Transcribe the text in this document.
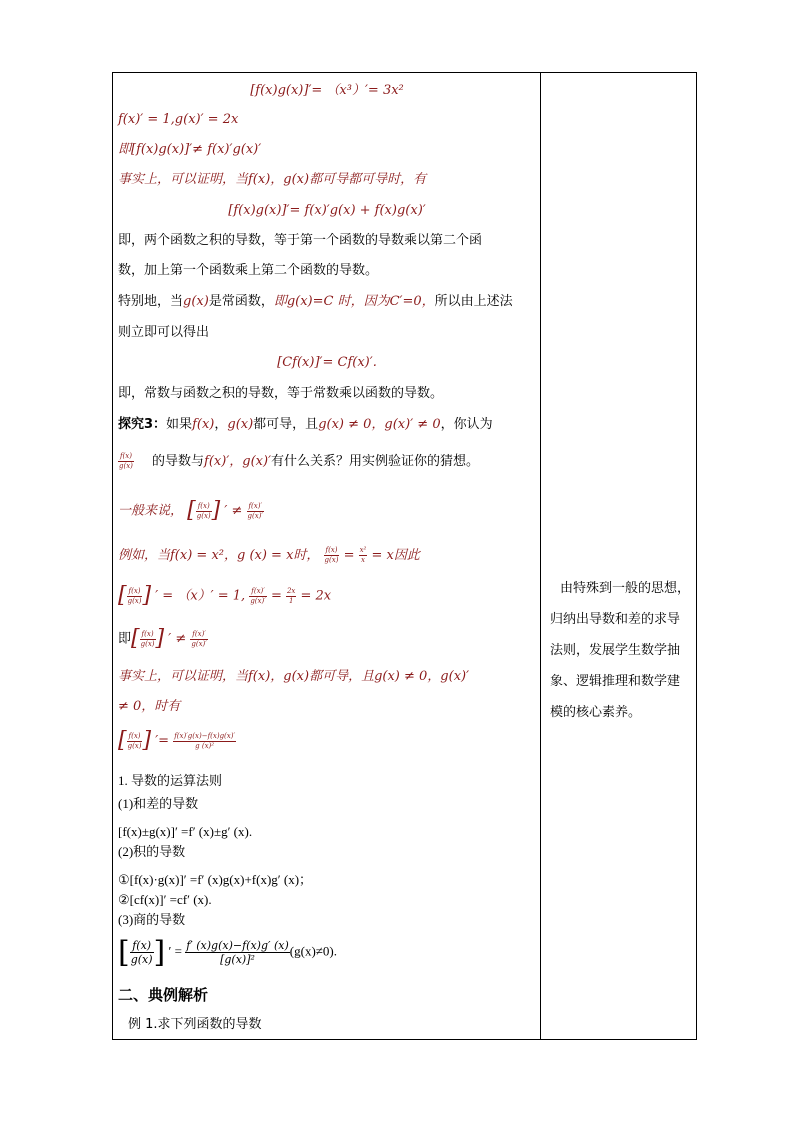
[f(x)g(x)]′= （x³）′= 3x²
f(x)′ = 1,g(x)′ = 2x
即[f(x)g(x)]′≠ f(x)′g(x)′
事实上，可以证明，当f(x)，g(x)都可导都可导时，有
[f(x)g(x)]′= f(x)′g(x) + f(x)g(x)′
即，两个函数之积的导数，等于第一个函数的导数乘以第二个函
数，加上第一个函数乘上第二个函数的导数。
特别地，当g(x)是常函数，即g(x)=C 时，因为C′=0，所以由上述法
则立即可以得出
[Cf(x)]′= Cf(x)′.
即，常数与函数之积的导数，等于常数乘以函数的导数。
探究3：如果f(x)，g(x)都可导，且g(x) ≠ 0，g(x)′ ≠ 0，你认为
$\frac{f(x)}{g(x)}$ 的导数与f(x)′，g(x)′有什么关系？用实例验证你的猜想。
一般来说， [ $\frac{f(x)}{g(x)}$ ] ′ ≠ $\frac{f(x)'}{g(x)'}$
例如，当f(x) = x²，g (x) = x时， $\frac{f(x)}{g(x)} = \frac{\text{x²}}{x} = x$因此
[ $\frac{f(x)}{g(x)}$ ] ′ = （x）′ = 1, $\frac{f(x)'}{g(x)'} = \frac{2x}{1} = 2x$
即[ $\frac{f(x)}{g(x)}$ ] ′ ≠ $\frac{f(x)'}{g(x)'}$
事实上，可以证明，当f(x)，g(x)都可导，且g(x) ≠ 0，g(x)′
≠ 0，时有
[ $\frac{f(x)}{g(x)}$ ] ′= $\frac{f(x)'g(x)-f(x)g(x)'}{\text{g (x)²}}$
1. 导数的运算法则
(1)和差的导数
[f(x)±g(x)]′ =f′ (x)±g′ (x).
(2)积的导数
①[f(x)·g(x)]′ =f′ (x)g(x)+f(x)g′ (x)；
②[cf(x)]′ =cf′ (x).
(3)商的导数
[ $\frac{f(x)}{g(x)}$ ] ′ = $\frac{f' (x)g(x)-f(x)g' (x)}{\text{[g(x)]²}} (g(x)\ne 0)$.
二、典例解析
例 1.求下列函数的导数
由特殊到一般的思想，
归纳出导数和差的求导
法则，发展学生数学抽
象、逻辑推理和数学建
模的核心素养。
